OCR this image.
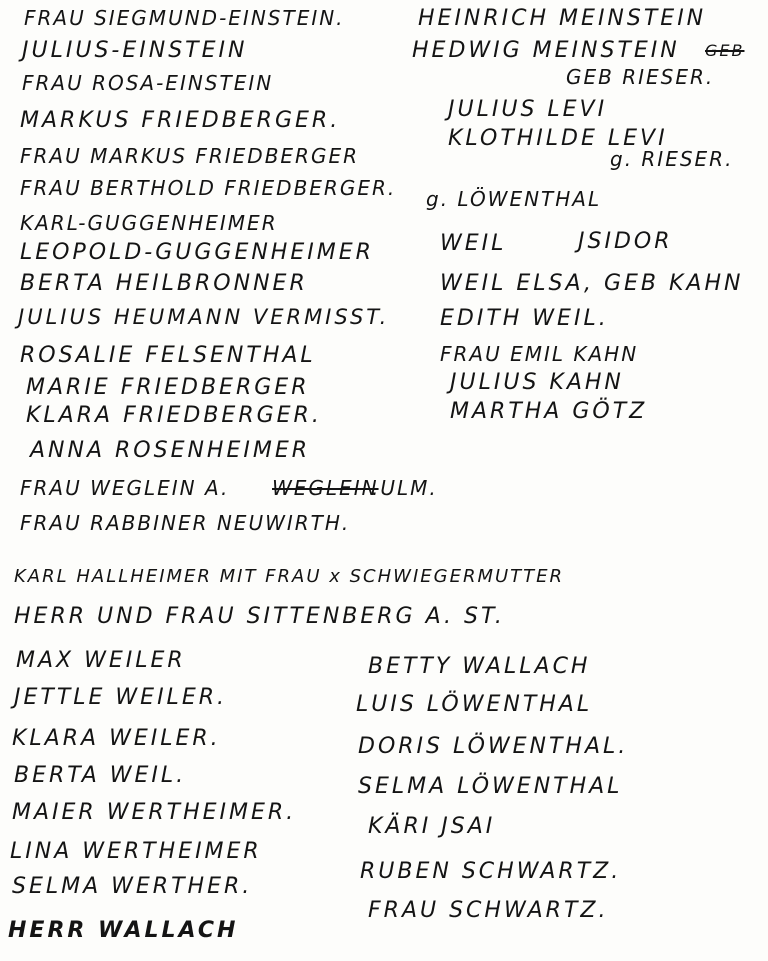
FRAU SIEGMUND-EINSTEIN.
JULIUS-EINSTEIN
FRAU ROSA-EINSTEIN
MARKUS FRIEDBERGER.
FRAU MARKUS FRIEDBERGER
FRAU BERTHOLD FRIEDBERGER.
KARL-GUGGENHEIMER
LEOPOLD-GUGGENHEIMER
BERTA HEILBRONNER
JULIUS HEUMANN VERMISST.
ROSALIE FELSENTHAL
MARIE FRIEDBERGER
KLARA FRIEDBERGER.
ANNA ROSENHEIMER
FRAU WEGLEIN A. WEGLEIN
.ULM.
FRAU RABBINER NEUWIRTH.
HEINRICH MEINSTEIN
HEDWIG MEINSTEIN GEB
GEB RIESER.
JULIUS LEVI
KLOTHILDE LEVI
g. RIESER.
g. LÖWENTHAL
WEIL	JSIDOR
WEIL ELSA, GEB KAHN
EDITH WEIL.
FRAU EMIL KAHN
JULIUS KAHN
MARTHA GÖTZ
KARL HALLHEIMER MIT FRAU x SCHWIEGERMUTTER
HERR UND FRAU SITTENBERG A. ST.
MAX WEILER
JETTLE WEILER.
KLARA WEILER.
BERTA WEIL.
MAIER WERTHEIMER.
LINA WERTHEIMER
SELMA WERTHER.
HERR WALLACH
BETTY WALLACH
LUIS LÖWENTHAL
DORIS LÖWENTHAL.
SELMA LÖWENTHAL
KÄRI JSAI
RUBEN SCHWARTZ.
FRAU SCHWARTZ.
